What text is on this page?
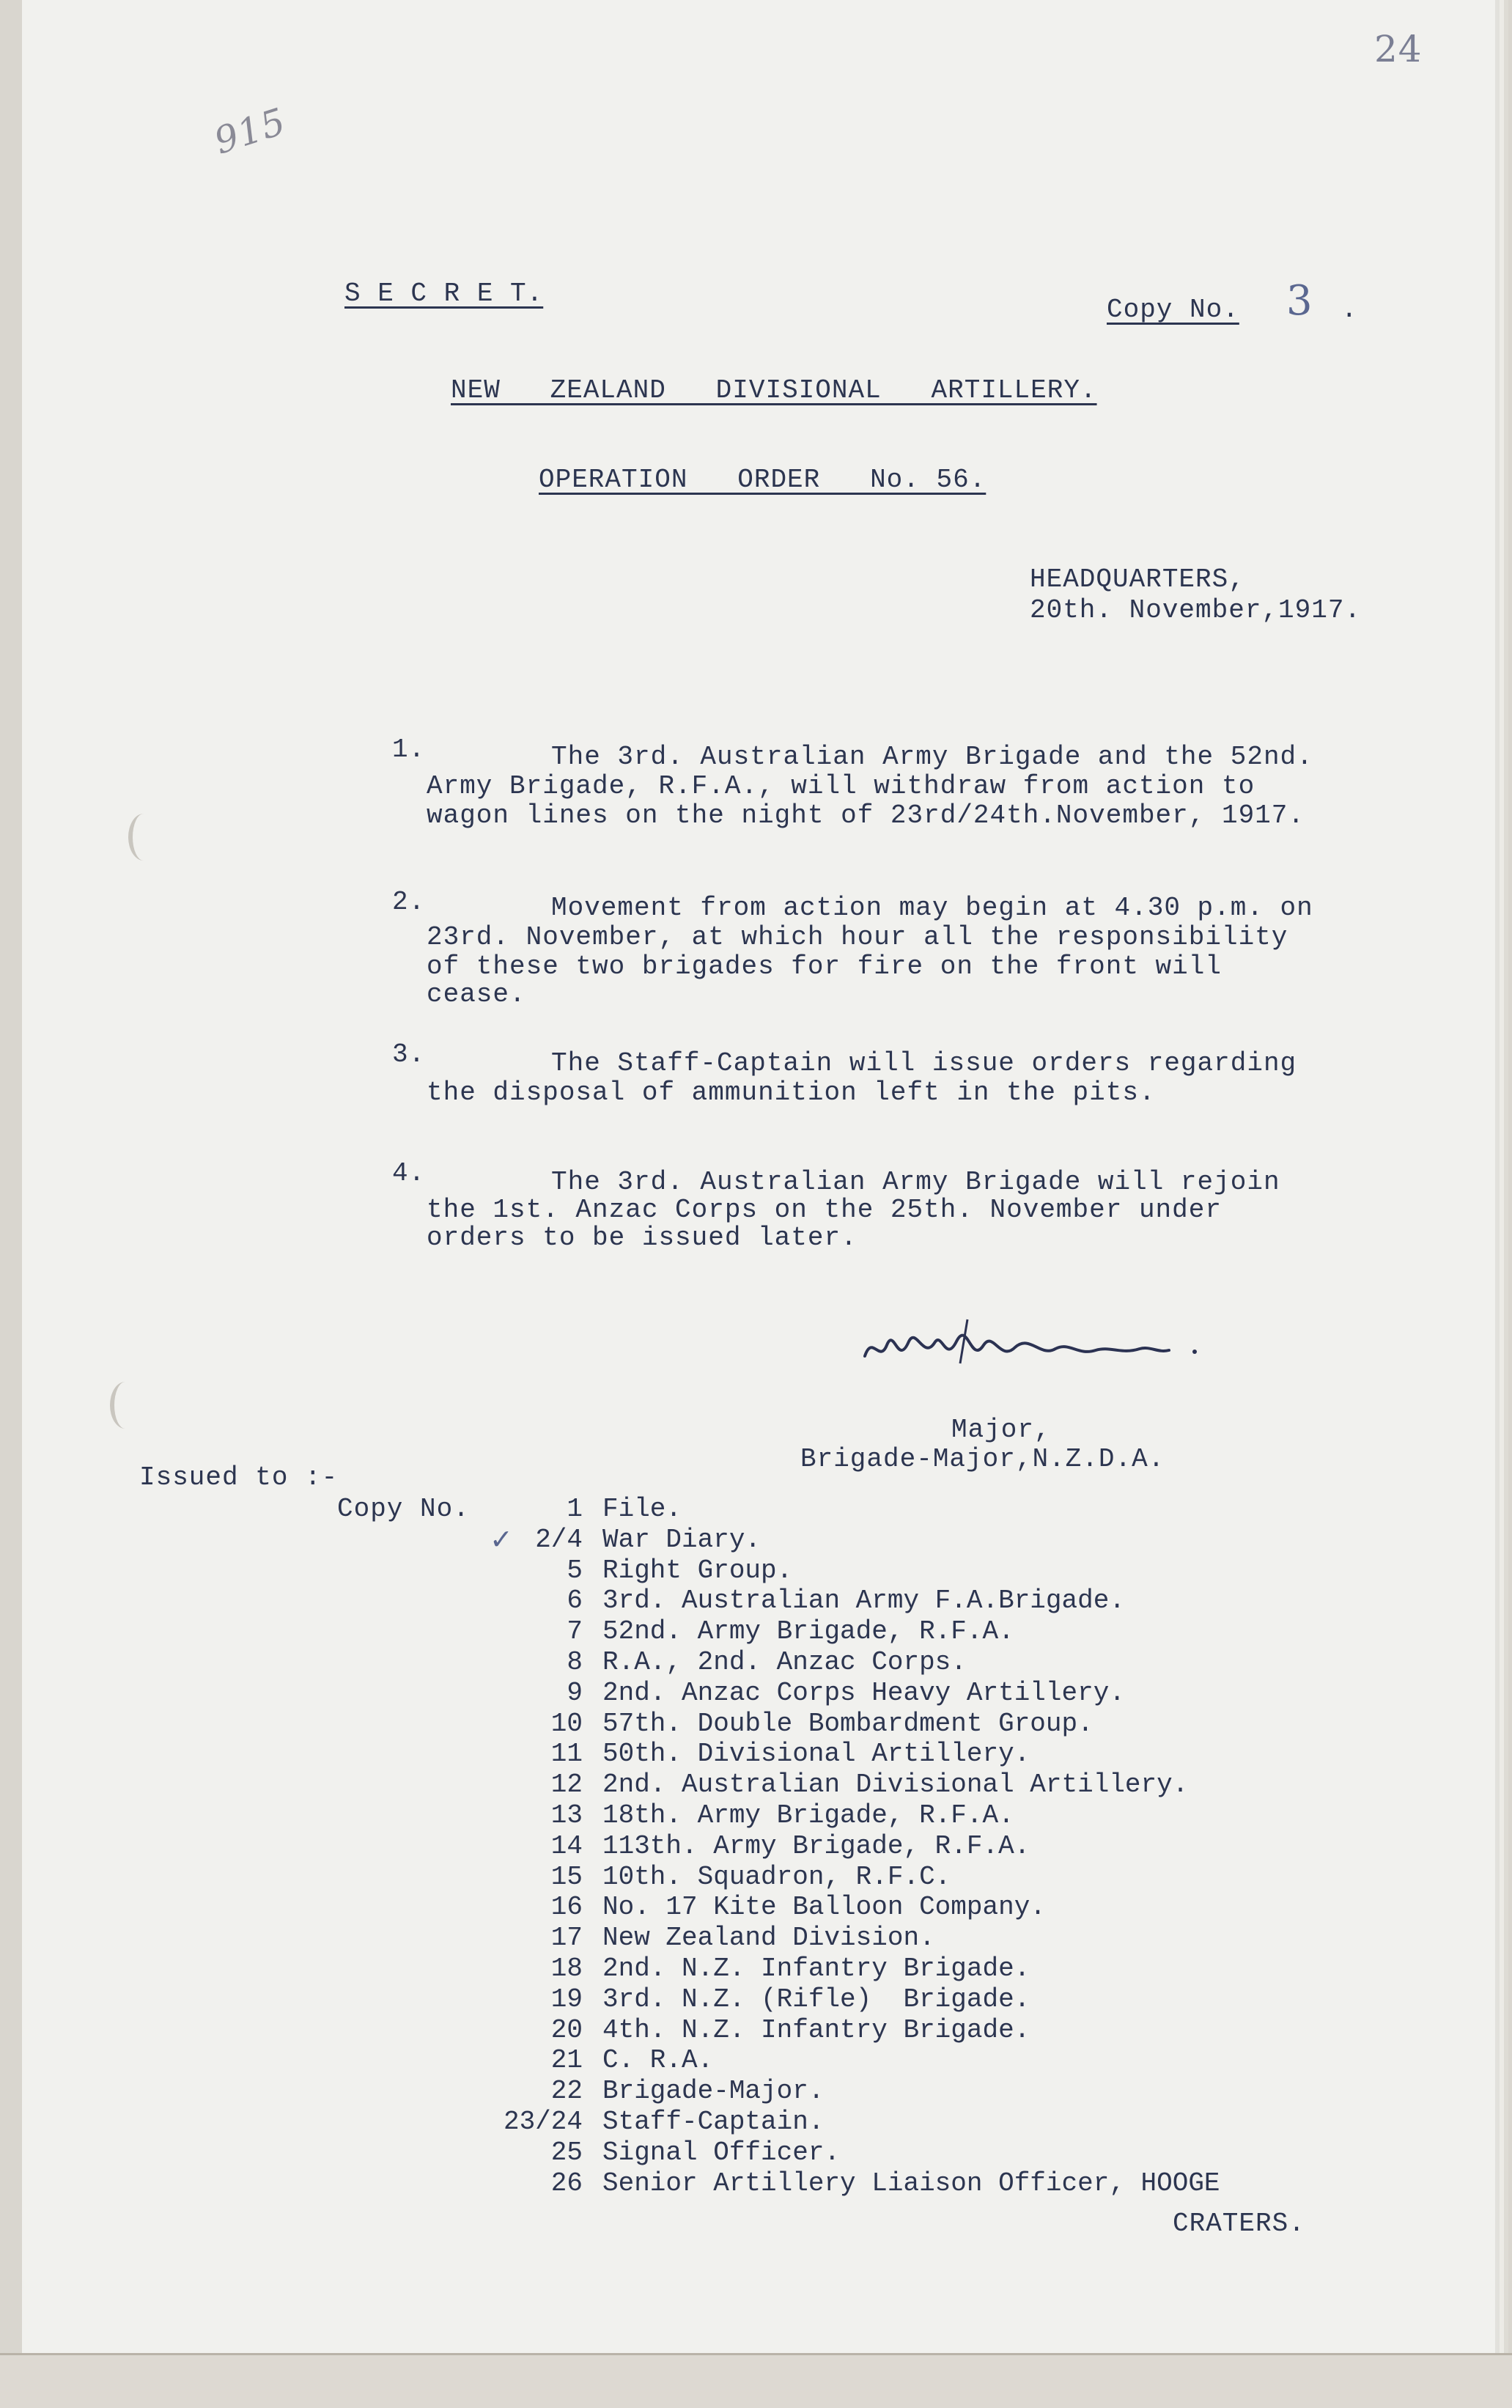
915
24
S E C R E T.
Copy No. 3 .
NEW   ZEALAND   DIVISIONAL   ARTILLERY.
OPERATION   ORDER   No. 56.
HEADQUARTERS,
20th. November,1917.
1.	The 3rd. Australian Army Brigade and the 52nd.
Army Brigade, R.F.A., will withdraw from action to
wagon lines on the night of 23rd/24th.November, 1917.
2.	Movement from action may begin at 4.30 p.m. on
23rd. November, at which hour all the responsibility
of these two brigades for fire on the front will
cease.
3.	The Staff-Captain will issue orders regarding
the disposal of ammunition left in the pits.
4.	The 3rd. Australian Army Brigade will rejoin
the 1st. Anzac Corps on the 25th. November under
orders to be issued later.
Major,
Brigade-Major,N.Z.D.A.
Issued to :-
Copy No.
✓
1 File.
2/4 War Diary.
5 Right Group.
6 3rd. Australian Army F.A.Brigade.
7 52nd. Army Brigade, R.F.A.
8 R.A., 2nd. Anzac Corps.
9 2nd. Anzac Corps Heavy Artillery.
10 57th. Double Bombardment Group.
11 50th. Divisional Artillery.
12 2nd. Australian Divisional Artillery.
13 18th. Army Brigade, R.F.A.
14 113th. Army Brigade, R.F.A.
15 10th. Squadron, R.F.C.
16 No. 17 Kite Balloon Company.
17 New Zealand Division.
18 2nd. N.Z. Infantry Brigade.
19 3rd. N.Z. (Rifle)  Brigade.
20 4th. N.Z. Infantry Brigade.
21 C. R.A.
22 Brigade-Major.
23/24 Staff-Captain.
25 Signal Officer.
26 Senior Artillery Liaison Officer, HOOGE
CRATERS.
